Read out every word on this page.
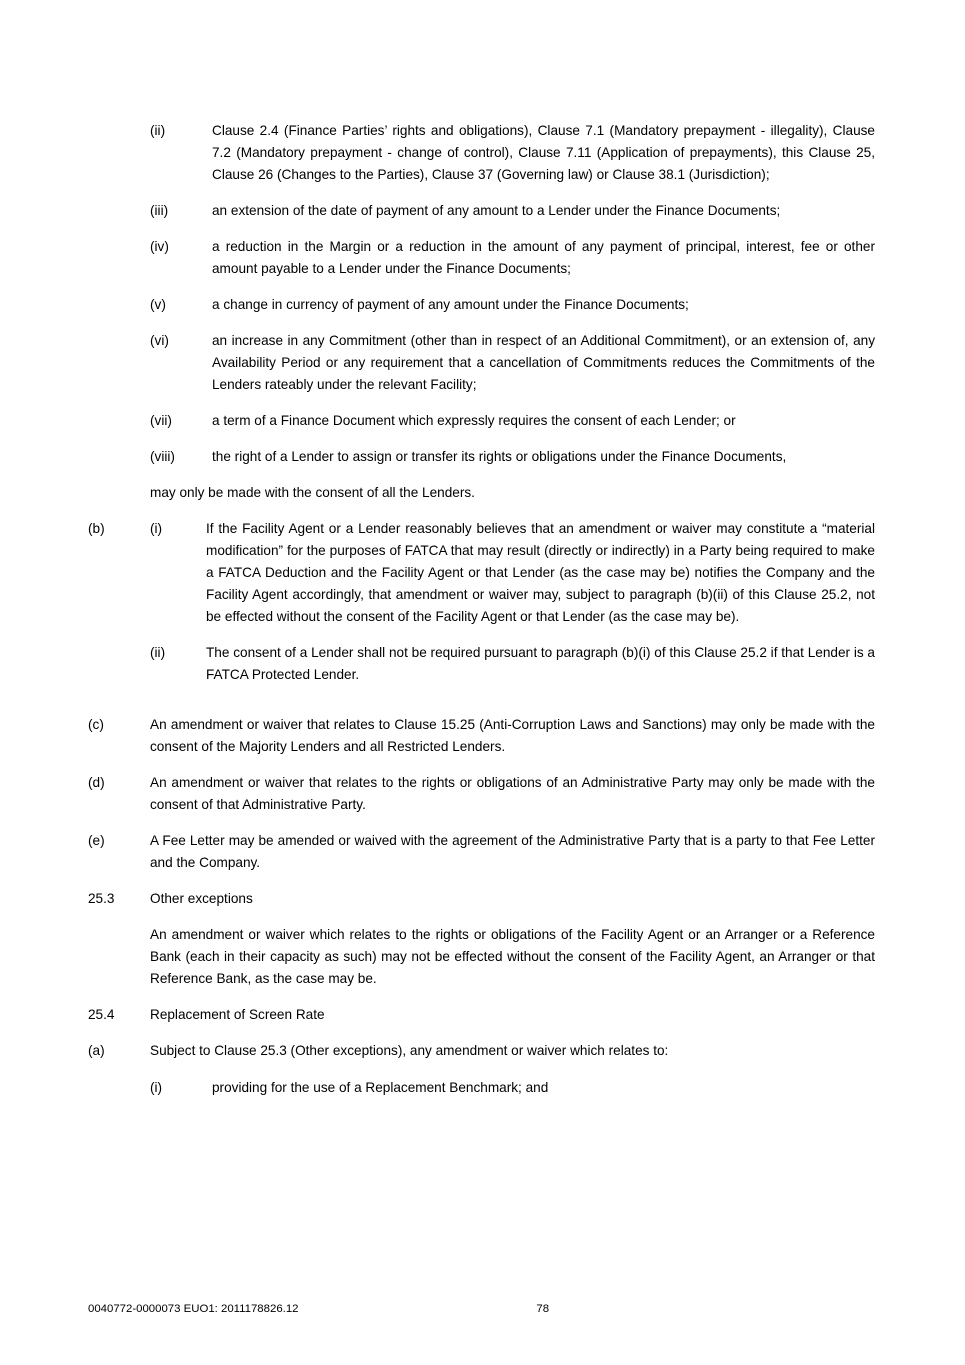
(ii)	Clause 2.4 (Finance Parties’ rights and obligations), Clause 7.1 (Mandatory prepayment - illegality), Clause 7.2 (Mandatory prepayment - change of control), Clause 7.11 (Application of prepayments), this Clause 25, Clause 26 (Changes to the Parties), Clause 37 (Governing law) or Clause 38.1 (Jurisdiction);
(iii)	an extension of the date of payment of any amount to a Lender under the Finance Documents;
(iv)	a reduction in the Margin or a reduction in the amount of any payment of principal, interest, fee or other amount payable to a Lender under the Finance Documents;
(v)	a change in currency of payment of any amount under the Finance Documents;
(vi)	an increase in any Commitment (other than in respect of an Additional Commitment), or an extension of, any Availability Period or any requirement that a cancellation of Commitments reduces the Commitments of the Lenders rateably under the relevant Facility;
(vii)	a term of a Finance Document which expressly requires the consent of each Lender; or
(viii)	the right of a Lender to assign or transfer its rights or obligations under the Finance Documents,
may only be made with the consent of all the Lenders.
(b)	(i)	If the Facility Agent or a Lender reasonably believes that an amendment or waiver may constitute a “material modification” for the purposes of FATCA that may result (directly or indirectly) in a Party being required to make a FATCA Deduction and the Facility Agent or that Lender (as the case may be) notifies the Company and the Facility Agent accordingly, that amendment or waiver may, subject to paragraph (b)(ii) of this Clause 25.2, not be effected without the consent of the Facility Agent or that Lender (as the case may be).
(ii)	The consent of a Lender shall not be required pursuant to paragraph (b)(i) of this Clause 25.2 if that Lender is a FATCA Protected Lender.
(c)	An amendment or waiver that relates to Clause 15.25 (Anti-Corruption Laws and Sanctions) may only be made with the consent of the Majority Lenders and all Restricted Lenders.
(d)	An amendment or waiver that relates to the rights or obligations of an Administrative Party may only be made with the consent of that Administrative Party.
(e)	A Fee Letter may be amended or waived with the agreement of the Administrative Party that is a party to that Fee Letter and the Company.
25.3	Other exceptions
An amendment or waiver which relates to the rights or obligations of the Facility Agent or an Arranger or a Reference Bank (each in their capacity as such) may not be effected without the consent of the Facility Agent, an Arranger or that Reference Bank, as the case may be.
25.4	Replacement of Screen Rate
(a)	Subject to Clause 25.3 (Other exceptions), any amendment or waiver which relates to:
(i)	providing for the use of a Replacement Benchmark; and
0040772-0000073 EUO1: 2011178826.12	78
